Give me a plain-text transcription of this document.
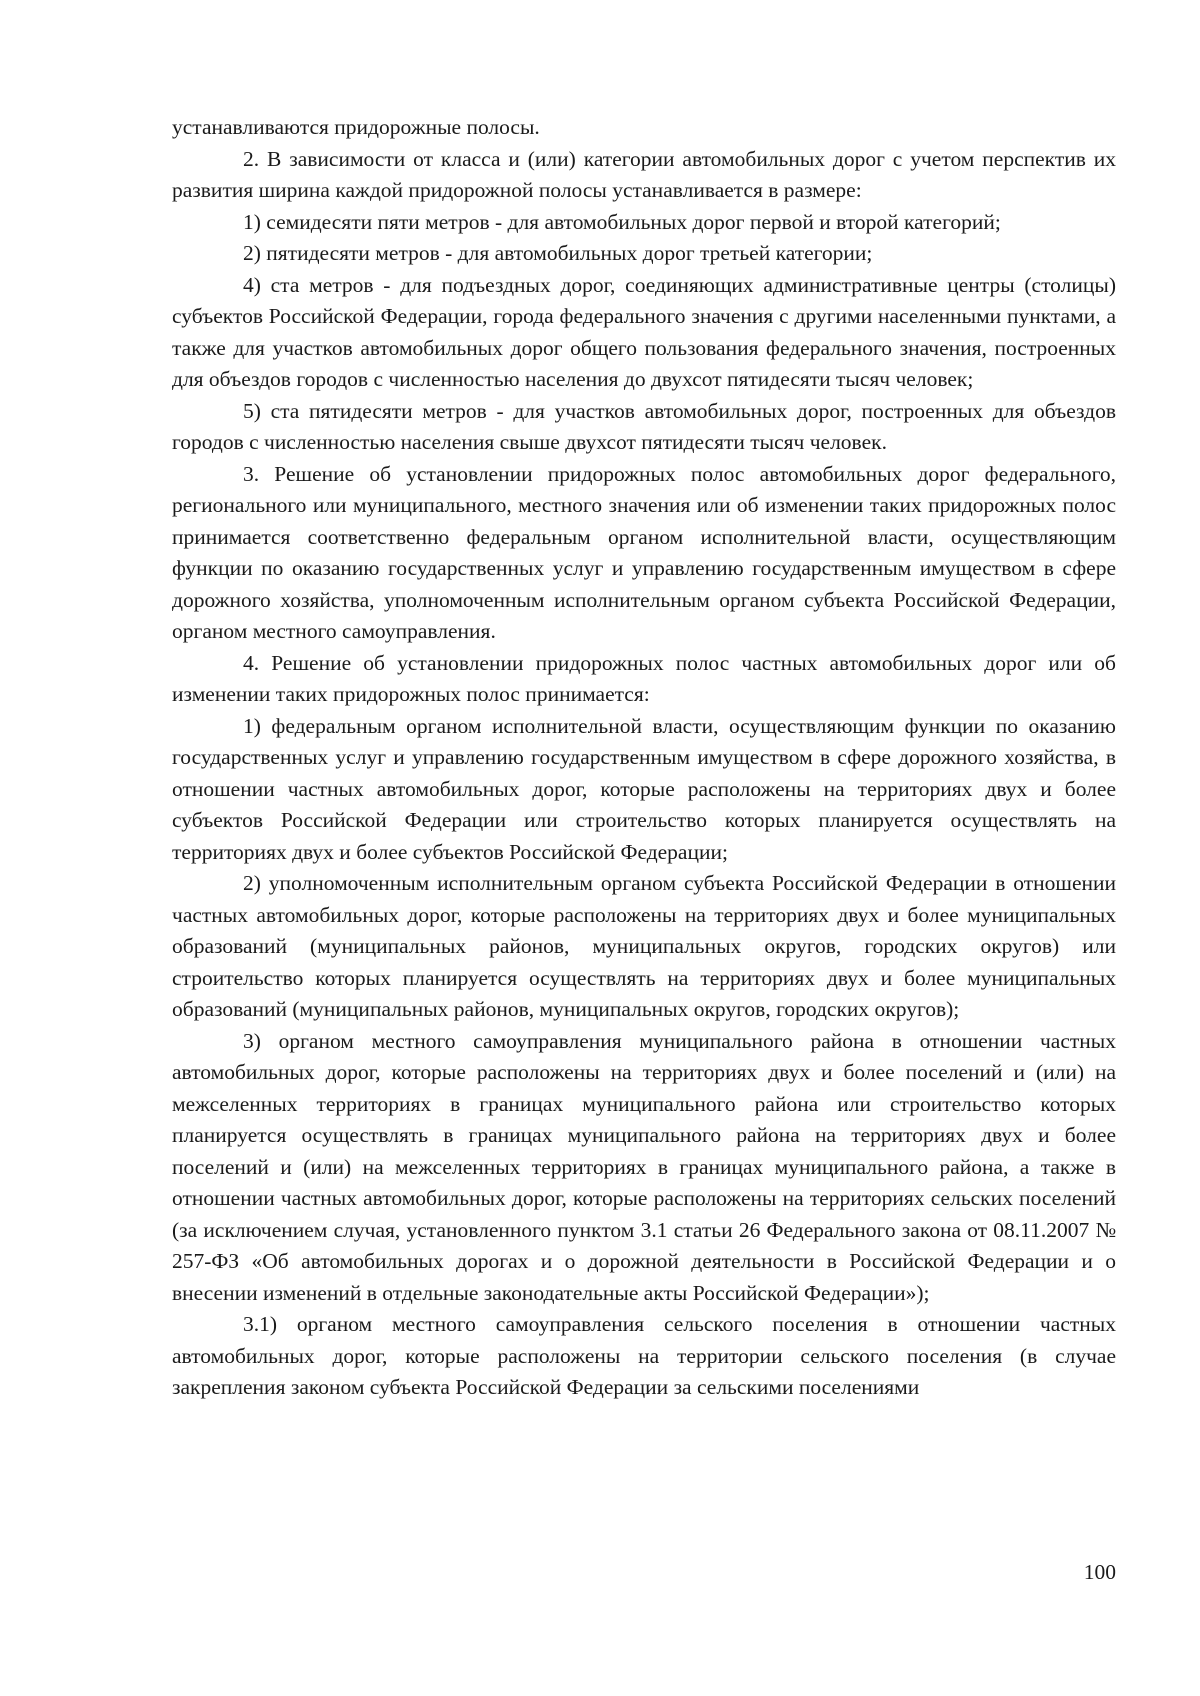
устанавливаются придорожные полосы.

2. В зависимости от класса и (или) категории автомобильных дорог с учетом перспектив их развития ширина каждой придорожной полосы устанавливается в размере:

1) семидесяти пяти метров - для автомобильных дорог первой и второй категорий;

2) пятидесяти метров - для автомобильных дорог третьей категории;

4) ста метров - для подъездных дорог, соединяющих административные центры (столицы) субъектов Российской Федерации, города федерального значения с другими населенными пунктами, а также для участков автомобильных дорог общего пользования федерального значения, построенных для объездов городов с численностью населения до двухсот пятидесяти тысяч человек;

5) ста пятидесяти метров - для участков автомобильных дорог, построенных для объездов городов с численностью населения свыше двухсот пятидесяти тысяч человек.

3. Решение об установлении придорожных полос автомобильных дорог федерального, регионального или муниципального, местного значения или об изменении таких придорожных полос принимается соответственно федеральным органом исполнительной власти, осуществляющим функции по оказанию государственных услуг и управлению государственным имуществом в сфере дорожного хозяйства, уполномоченным исполнительным органом субъекта Российской Федерации, органом местного самоуправления.

4. Решение об установлении придорожных полос частных автомобильных дорог или об изменении таких придорожных полос принимается:

1) федеральным органом исполнительной власти, осуществляющим функции по оказанию государственных услуг и управлению государственным имуществом в сфере дорожного хозяйства, в отношении частных автомобильных дорог, которые расположены на территориях двух и более субъектов Российской Федерации или строительство которых планируется осуществлять на территориях двух и более субъектов Российской Федерации;

2) уполномоченным исполнительным органом субъекта Российской Федерации в отношении частных автомобильных дорог, которые расположены на территориях двух и более муниципальных образований (муниципальных районов, муниципальных округов, городских округов) или строительство которых планируется осуществлять на территориях двух и более муниципальных образований (муниципальных районов, муниципальных округов, городских округов);

3) органом местного самоуправления муниципального района в отношении частных автомобильных дорог, которые расположены на территориях двух и более поселений и (или) на межселенных территориях в границах муниципального района или строительство которых планируется осуществлять в границах муниципального района на территориях двух и более поселений и (или) на межселенных территориях в границах муниципального района, а также в отношении частных автомобильных дорог, которые расположены на территориях сельских поселений (за исключением случая, установленного пунктом 3.1 статьи 26 Федерального закона от 08.11.2007 № 257-ФЗ «Об автомобильных дорогах и о дорожной деятельности в Российской Федерации и о внесении изменений в отдельные законодательные акты Российской Федерации»);

3.1) органом местного самоуправления сельского поселения в отношении частных автомобильных дорог, которые расположены на территории сельского поселения (в случае закрепления законом субъекта Российской Федерации за сельскими поселениями

100
